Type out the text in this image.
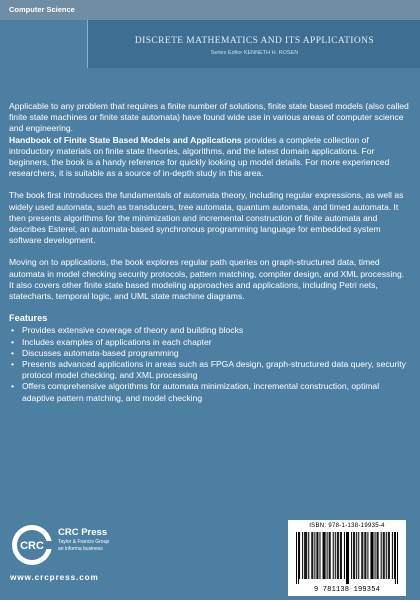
Computer Science
DISCRETE MATHEMATICS AND ITS APPLICATIONS
Series Editor KENNETH H. ROSEN

Applicable to any problem that requires a finite number of solutions, finite state based models (also called finite state machines or finite state automata) have found wide use in various areas of computer science and engineering.
Handbook of Finite State Based Models and Applications provides a complete collection of introductory materials on finite state theories, algorithms, and the latest domain applications. For beginners, the book is a handy reference for quickly looking up model details. For more experienced researchers, it is suitable as a source of in-depth study in this area.

The book first introduces the fundamentals of automata theory, including regular expressions, as well as widely used automata, such as transducers, tree automata, quantum automata, and timed automata. It then presents algorithms for the minimization and incremental construction of finite automata and describes Esterel, an automata-based synchronous programming language for embedded system software development.

Moving on to applications, the book explores regular path queries on graph-structured data, timed automata in model checking security protocols, pattern matching, compiler design, and XML processing. It also covers other finite state based modeling approaches and applications, including Petri nets, statecharts, temporal logic, and UML state machine diagrams.

Features
• Provides extensive coverage of theory and building blocks
• Includes examples of applications in each chapter
• Discusses automata-based programming
• Presents advanced applications in areas such as FPGA design, graph-structured data query, security protocol model checking, and XML processing
• Offers comprehensive algorithms for automata minimization, incremental construction, optimal adaptive pattern matching, and model checking
CRC
CRC Press
Taylor & Francis Group
an informa business
www.crcpress.com
ISBN: 978-1-138-19935-4
9 781138 199354
